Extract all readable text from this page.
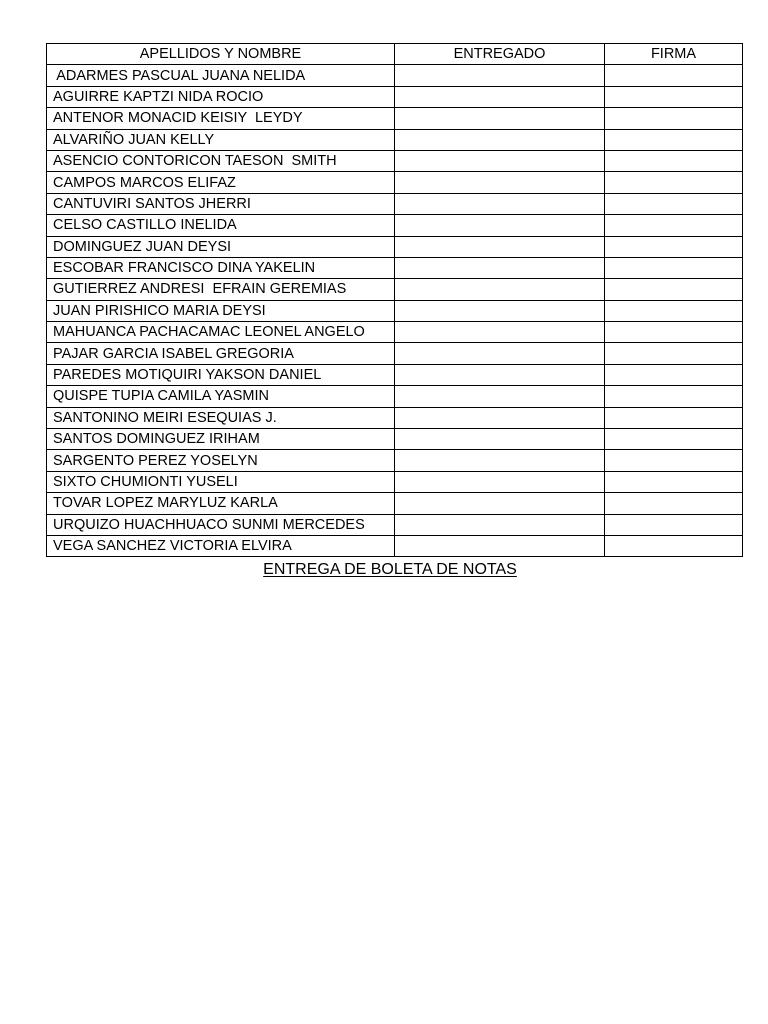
APELLIDOS Y NOMBRE	ENTREGADO	FIRMA
ADARMES PASCUAL JUANA NELIDA		
AGUIRRE KAPTZI NIDA ROCIO		
ANTENOR MONACID KEISIY  LEYDY		
ALVARIÑO JUAN KELLY		
ASENCIO CONTORICON TAESON  SMITH		
CAMPOS MARCOS ELIFAZ		
CANTUVIRI SANTOS JHERRI		
CELSO CASTILLO INELIDA		
DOMINGUEZ JUAN DEYSI		
ESCOBAR FRANCISCO DINA YAKELIN		
GUTIERREZ ANDRESI  EFRAIN GEREMIAS		
JUAN PIRISHICO MARIA DEYSI		
MAHUANCA PACHACAMAC LEONEL ANGELO		
PAJAR GARCIA ISABEL GREGORIA		
PAREDES MOTIQUIRI YAKSON DANIEL		
QUISPE TUPIA CAMILA YASMIN		
SANTONINO MEIRI ESEQUIAS J.		
SANTOS DOMINGUEZ IRIHAM		
SARGENTO PEREZ YOSELYN		
SIXTO CHUMIONTI YUSELI		
TOVAR LOPEZ MARYLUZ KARLA		
URQUIZO HUACHHUACO SUNMI MERCEDES		
VEGA SANCHEZ VICTORIA ELVIRA		
ENTREGA DE BOLETA DE NOTAS
